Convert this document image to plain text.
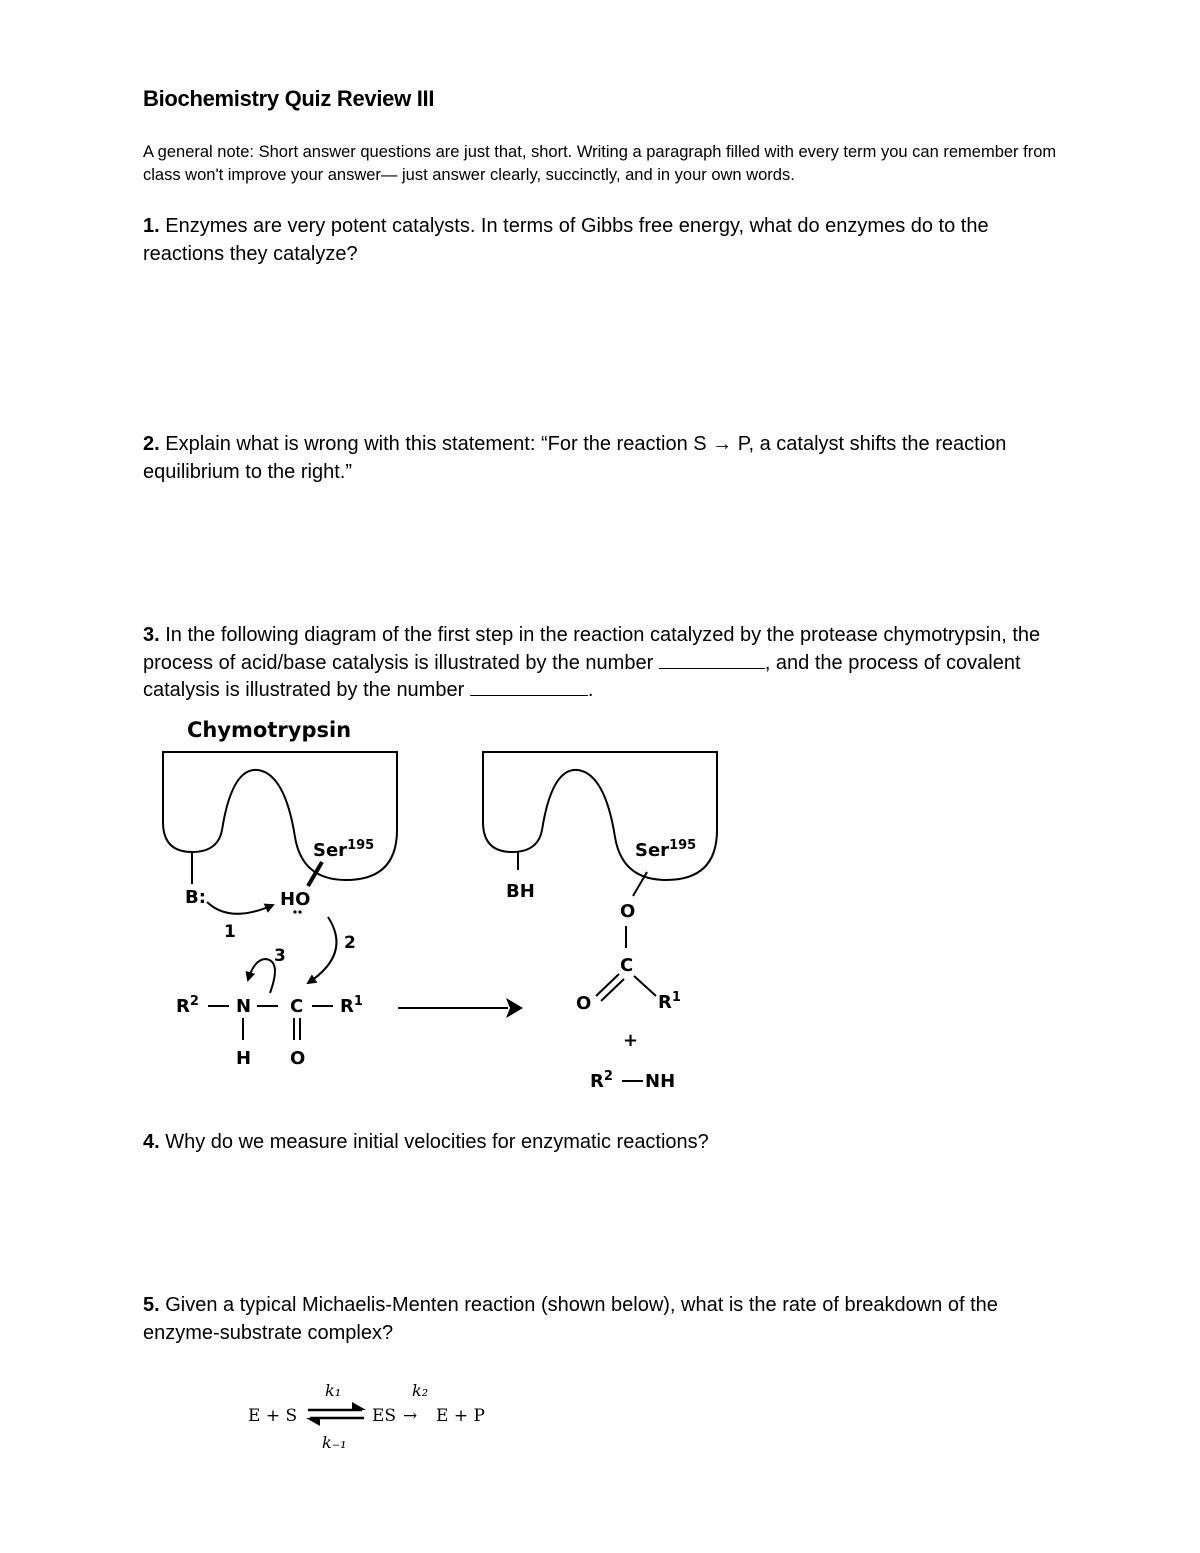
Biochemistry Quiz Review III
A general note: Short answer questions are just that, short. Writing a paragraph filled with every term you can remember from class won't improve your answer— just answer clearly, succinctly, and in your own words.
1. Enzymes are very potent catalysts. In terms of Gibbs free energy, what do enzymes do to the reactions they catalyze?
2. Explain what is wrong with this statement: “For the reaction S → P, a catalyst shifts the reaction equilibrium to the right.”
3. In the following diagram of the first step in the reaction catalyzed by the protease chymotrypsin, the process of acid/base catalysis is illustrated by the number	, and the process of covalent catalysis is illustrated by the number	.
Chymotrypsin
Ser$^{195}$
B:	HO
1
2
3
$R^2$ N C $R^1$
H O
Ser$^{195}$
BH
O
C
O	$R^1$
+
$R^2$ NH
4. Why do we measure initial velocities for enzymatic reactions?
5. Given a typical Michaelis-Menten reaction (shown below), what is the rate of breakdown of the enzyme-substrate complex?
E + S
k₁	k₂
k₋₁
ES → E + P
